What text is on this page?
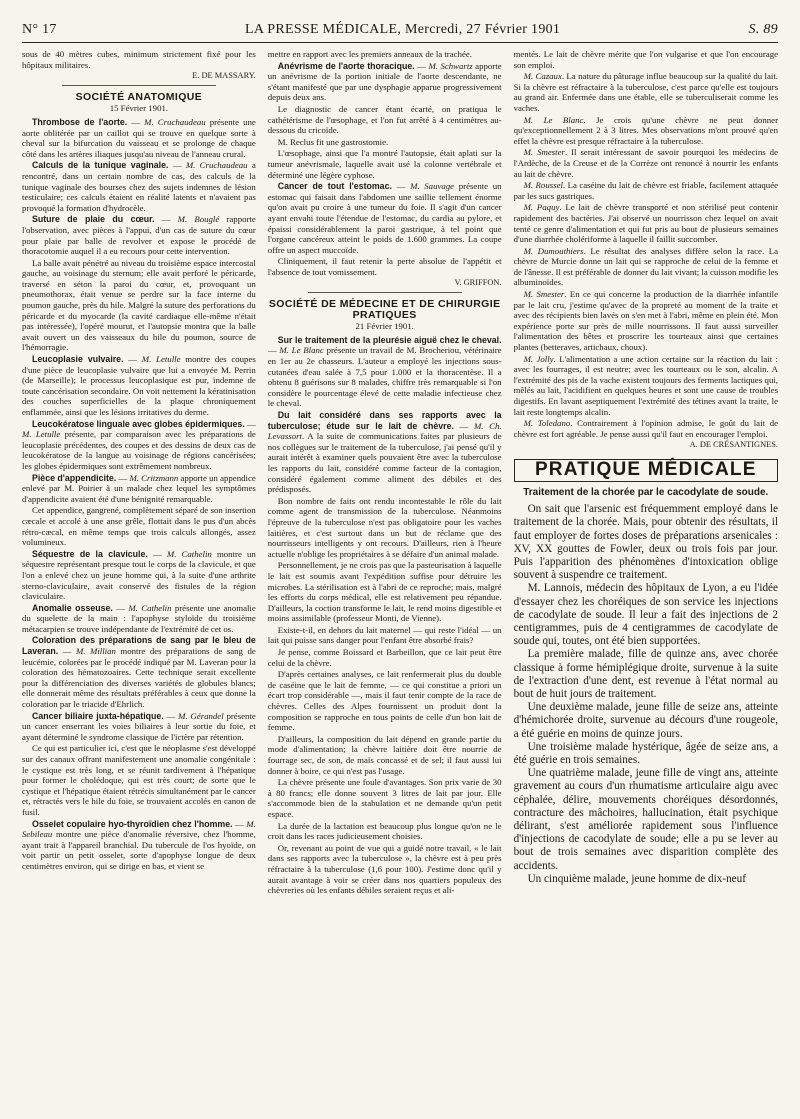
N° 17	LA PRESSE MÉDICALE, Mercredi, 27 Février 1901	S. 89

sous de 40 mètres cubes, minimum strictement fixé pour les hôpitaux militaires.

E. DE MASSARY.
SOCIÉTÉ ANATOMIQUE
15 Février 1901.

Thrombose de l'aorte. — M. Cruchaudeau présente une aorte oblitérée par un caillot qui se trouve en quelque sorte à cheval sur la bifurcation du vaisseau et se prolonge de chaque côté dans les artères iliaques jusqu'au niveau de l'anneau crural.

Calculs de la tunique vaginale. — M. Cruchaudeau a rencontré, dans un certain nombre de cas, des calculs de la tunique vaginale des bourses chez des sujets indemnes de lésion testiculaire; ces calculs étaient en réalité latents et n'avaient pas provoqué la formation d'hydrocèle.

Suture de plaie du cœur. — M. Bouglé rapporte l'observation, avec pièces à l'appui, d'un cas de suture du cœur pour plaie par balle de revolver et expose le procédé de thoracotomie auquel il a eu recours pour cette intervention.

La balle avait pénétré au niveau du troisième espace intercostal gauche, au voisinage du sternum; elle avait perforé le péricarde, traversé en séton la paroi du cœur, et, provoquant un pneumothorax, était venue se perdre sur la face interne du poumon gauche, près du hile. Malgré la suture des perforations du péricarde et du myocarde (la cavité cardiaque elle-même n'était pas intéressée), l'opéré mourut, et l'autopsie montra que la balle avait ouvert un des vaisseaux du hile du poumon, source de l'hémorragie.

Leucoplasie vulvaire. — M. Letulle montre des coupes d'une pièce de leucoplasie vulvaire que lui a envoyée M. Perrin (de Marseille); le processus leucoplasique est pur, indemne de toute cancérisation secondaire. On voit nettement la kératinisation des couches superficielles de la plaque chroniquement enflammée, ainsi que les lésions irritatives du derme.

Leucokératose linguale avec globes épidermiques. — M. Letulle présente, par comparaison avec les préparations de leucoplasie précédentes, des coupes et des dessins de deux cas de leucokératose de la langue au voisinage de régions cancérisées; les globes épidermiques sont extrêmement nombreux.

Pièce d'appendicite. — M. Critzmann apporte un appendice enlevé par M. Poirier à un malade chez lequel les symptômes d'appendicite avaient été d'une bénignité remarquable.

Cet appendice, gangrené, complètement séparé de son insertion cæcale et accolé à une anse grêle, flottait dans le pus d'un abcès rétro-cæcal, en même temps que trois calculs allongés, assez volumineux.

Séquestre de la clavicule. — M. Cathelin montre un séquestre représentant presque tout le corps de la clavicule, et que l'on a enlevé chez un jeune homme qui, à la suite d'une arthrite sterno-claviculaire, avait conservé des fistules de la région claviculaire.

Anomalie osseuse. — M. Cathelin présente une anomalie du squelette de la main : l'apophyse styloïde du troisième métacarpien se trouve indépendante de l'extrémité de cet os.

Coloration des préparations de sang par le bleu de Laveran. — M. Millian montre des préparations de sang de leucémie, colorées par le procédé indiqué par M. Laveran pour la coloration des hématozoaires. Cette technique serait excellente pour la différenciation des diverses variétés de globules blancs; elle donnerait même des résultats préférables à ceux que donne la coloration par le triacide d'Ehrlich.

Cancer biliaire juxta-hépatique. — M. Gérandel présente un cancer enserrant les voies biliaires à leur sortie du foie, et ayant déterminé le syndrome classique de l'ictère par rétention.

Ce qui est particulier ici, c'est que le néoplasme s'est développé sur des canaux offrant manifestement une anomalie congénitale : le cystique est très long, et se réunit tardivement à l'hépatique pour former le cholédoque, qui est très court; de sorte que le cystique et l'hépatique étaient rétrécis simultanément par le cancer et, rétractés vers le hile du foie, se trouvaient accolés en canon de fusil.

Osselet copulaire hyo-thyroïdien chez l'homme. — M. Sebileau montre une pièce d'anomalie réversive, chez l'homme, ayant trait à l'appareil branchial. Du tubercule de l'os hyoïde, on voit partir un petit osselet, sorte d'apophyse longue de deux centimètres environ, qui se dirige en bas, et vient se

mettre en rapport avec les premiers anneaux de la trachée.

Anévrisme de l'aorte thoracique. — M. Schwartz apporte un anévrisme de la portion initiale de l'aorte descendante, ne s'étant manifesté que par une dysphagie apparue progressivement depuis deux ans.

Le diagnostic de cancer étant écarté, on pratiqua le cathétérisme de l'œsophage, et l'on fut arrêté à 4 centimètres au-dessous du cricoïde.

M. Reclus fit une gastrostomie.

L'œsophage, ainsi que l'a montré l'autopsie, était aplati sur la tumeur anévrismale, laquelle avait usé la colonne vertébrale et déterminé une légère cyphose.

Cancer de tout l'estomac. — M. Sauvage présente un estomac qui faisait dans l'abdomen une saillie tellement énorme qu'on avait pu croire à une tumeur du foie. Il s'agit d'un cancer ayant envahi toute l'étendue de l'estomac, du cardia au pylore, et épaissi considérablement la paroi gastrique, à tel point que l'organe cancéreux atteint le poids de 1.600 grammes. La coupe offre un aspect muccoïde.

Cliniquement, il faut retenir la perte absolue de l'appétit et l'absence de tout vomissement.

V. GRIFFON.
SOCIÉTÉ DE MÉDECINE ET DE CHIRURGIE PRATIQUES
21 Février 1901.

Sur le traitement de la pleurésie aiguë chez le cheval. — M. Le Blanc présente un travail de M. Brocheriou, vétérinaire en 1er au 2e chasseurs. L'auteur a employé les injections sous-cutanées d'eau salée à 7,5 pour 1.000 et la thoracentèse. Il a obtenu 8 guérisons sur 8 malades, chiffre très remarquable si l'on considère le pourcentage élevé de cette maladie infectieuse chez le cheval.

Du lait considéré dans ses rapports avec la tuberculose; étude sur le lait de chèvre. — M. Ch. Levassort. A la suite de communications faites par plusieurs de nos collègues sur le traitement de la tuberculose, j'ai pensé qu'il y aurait intérêt à examiner quels pouvaient être avec la tuberculose les rapports du lait, considéré comme facteur de la contagion, considéré également comme aliment des débiles et des prédisposés.

Bon nombre de faits ont rendu incontestable le rôle du lait comme agent de transmission de la tuberculose. Néanmoins l'épreuve de la tuberculose n'est pas obligatoire pour les vaches laitières, et c'est surtout dans un but de réclame que des nourrisseurs intelligents y ont recours. D'ailleurs, rien à l'heure actuelle n'oblige les propriétaires à se défaire d'un animal malade.

Personnellement, je ne crois pas que la pasteurisation à laquelle le lait est soumis avant l'expédition suffise pour détruire les microbes. La stérilisation est à l'abri de ce reproche; mais, malgré les efforts du corps médical, elle est relativement peu répandue. D'ailleurs, la coction transforme le lait, le rend moins digestible et moins assimilable (professeur Monti, de Vienne).

Existe-t-il, en dehors du lait maternel — qui reste l'idéal — un lait qui puisse sans danger pour l'enfant être absorbé frais?

Je pense, comme Boissard et Barbeillon, que ce lait peut être celui de la chèvre.

D'après certaines analyses, ce lait renfermerait plus du double de caséine que le lait de femme, — ce qui constitue a priori un écart trop considérable —, mais il faut tenir compte de la race de chèvres. Celles des Alpes fournissent un produit dont la composition se rapproche en tous points de celle d'un bon lait de femme.

D'ailleurs, la composition du lait dépend en grande partie du mode d'alimentation; la chèvre laitière doit être nourrie de fourrage sec, de son, de maïs concassé et de sel; il faut aussi lui donner à boire, ce qui n'est pas l'usage.

La chèvre présente une foule d'avantages. Son prix varie de 30 à 80 francs; elle donne souvent 3 litres de lait par jour. Elle s'accommode bien de la stabulation et ne demande qu'un petit espace.

La durée de la lactation est beaucoup plus longue qu'on ne le croit dans les races judicieusement choisies.

Or, revenant au point de vue qui a guidé notre travail, « le lait dans ses rapports avec la tuberculose », la chèvre est à peu près réfractaire à la tuberculose (1,6 pour 100). J'estime donc qu'il y aurait avantage à voir se créer dans nos quartiers populeux des chèvreries où les enfants débiles seraient reçus et ali-

mentés. Le lait de chèvre mérite que l'on vulgarise et que l'on encourage son emploi.

M. Cazaux. La nature du pâturage influe beaucoup sur la qualité du lait. Si la chèvre est réfractaire à la tuberculose, c'est parce qu'elle est toujours au grand air. Enfermée dans une étable, elle se tuberculiserait comme les vaches.

M. Le Blanc. Je crois qu'une chèvre ne peut donner qu'exceptionnellement 2 à 3 litres. Mes observations m'ont prouvé qu'en effet la chèvre est presque réfractaire à la tuberculose.

M. Smester. Il serait intéressant de savoir pourquoi les médecins de l'Ardèche, de la Creuse et de la Corrèze ont renoncé à nourrir les enfants au lait de chèvre.

M. Roussel. La caséine du lait de chèvre est friable, facilement attaquée par les sucs gastriques.

M. Paquy. Le lait de chèvre transporté et non stérilisé peut contenir rapidement des bactéries. J'ai observé un nourrisson chez lequel on avait tenté ce genre d'alimentation et qui fut pris au bout de plusieurs semaines d'une diarrhée cholériforme à laquelle il faillit succomber.

M. Dumouthiers. Le résultat des analyses diffère selon la race. La chèvre de Murcie donne un lait qui se rapproche de celui de la femme et de l'ânesse. Il est préférable de donner du lait vivant; la cuisson modifie les albuminoïdes.

M. Smester. En ce qui concerne la production de la diarrhée infantile par le lait cru, j'estime qu'avec de la propreté au moment de la traite et avec des récipients bien lavés on s'en met à l'abri, même en plein été. Mon expérience porte sur près de mille nourrissons. Il faut aussi surveiller l'alimentation des bêtes et proscrire les tourteaux ainsi que certaines plantes (betteraves, artichaux, choux).

M. Jolly. L'alimentation a une action certaine sur la réaction du lait : avec les fourrages, il est neutre; avec les tourteaux ou le son, alcalin. A l'extrémité des pis de la vache existent toujours des ferments lactiques qui, mêlés au lait, l'acidifient en quelques heures et sont une cause de troubles digestifs. En lavant aseptiquement l'extrémité des tétines avant la traite, le lait reste longtemps alcalin.

M. Toledano. Contrairement à l'opinion admise, le goût du lait de chèvre est fort agréable. Je pense aussi qu'il faut en encourager l'emploi.

A. DE CRÉSANTIGNES.
PRATIQUE MÉDICALE
Traitement de la chorée par le cacodylate de soude.

On sait que l'arsenic est fréquemment employé dans le traitement de la chorée. Mais, pour obtenir des résultats, il faut employer de fortes doses de préparations arsenicales : XV, XX gouttes de Fowler, deux ou trois fois par jour. Puis l'apparition des phénomènes d'intoxication oblige souvent à suspendre ce traitement.

M. Lannois, médecin des hôpitaux de Lyon, a eu l'idée d'essayer chez les choréiques de son service les injections de cacodylate de soude. Il leur a fait des injections de 2 centigrammes, puis de 4 centigrammes de cacodylate de soude qui, toutes, ont été bien supportées.

La première malade, fille de quinze ans, avec chorée classique à forme hémiplégique droite, survenue à la suite de l'extraction d'une dent, est revenue à l'état normal au bout de huit jours de traitement.

Une deuxième malade, jeune fille de seize ans, atteinte d'hémichorée droite, survenue au décours d'une rougeole, a été guérie en moins de quinze jours.

Une troisième malade hystérique, âgée de seize ans, a été guérie en trois semaines.

Une quatrième malade, jeune fille de vingt ans, atteinte gravement au cours d'un rhumatisme articulaire aigu avec céphalée, délire, mouvements choréiques désordonnés, contracture des mâchoires, hallucination, était psychique délirant, s'est améliorée rapidement sous l'influence d'injections de cacodylate de soude; elle a pu se lever au bout de trois semaines avec disparition complète des accidents.

Un cinquième malade, jeune homme de dix-neuf
